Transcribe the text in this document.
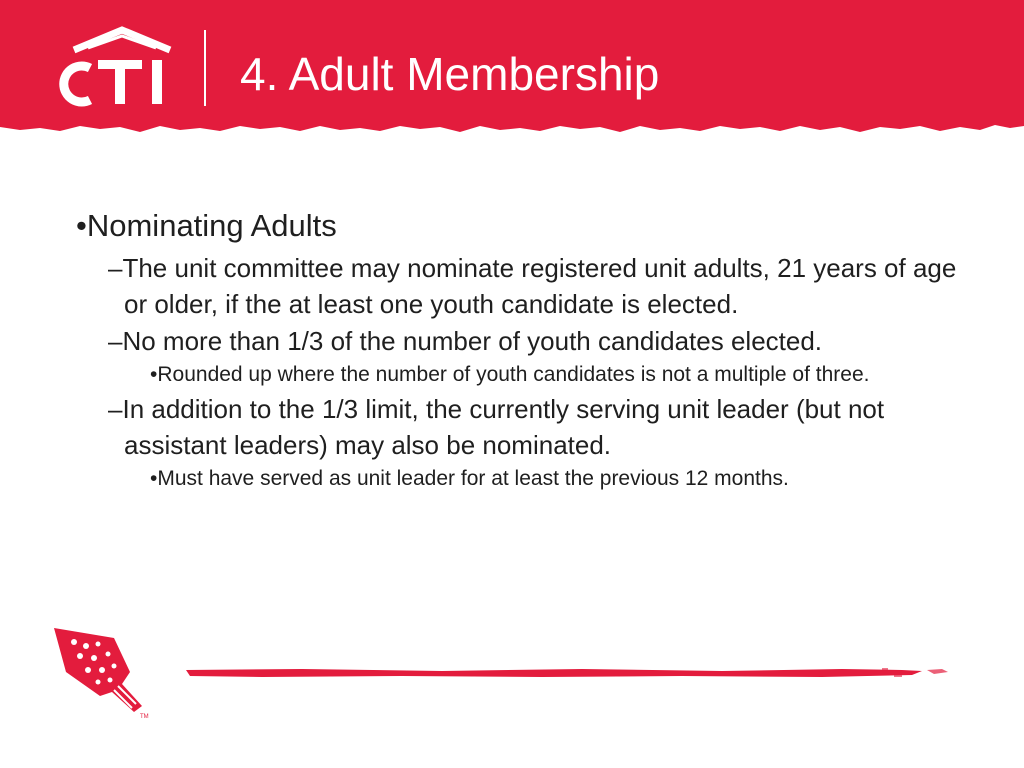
4. Adult Membership
•Nominating Adults
–The unit committee may nominate registered unit adults, 21 years of age or older, if the at least one youth candidate is elected.
–No more than 1/3 of the number of youth candidates elected.
•Rounded up where the number of youth candidates is not a multiple of three.
–In addition to the 1/3 limit, the currently serving unit leader (but not assistant leaders) may also be nominated.
•Must have served as unit leader for at least the previous 12 months.
TM
